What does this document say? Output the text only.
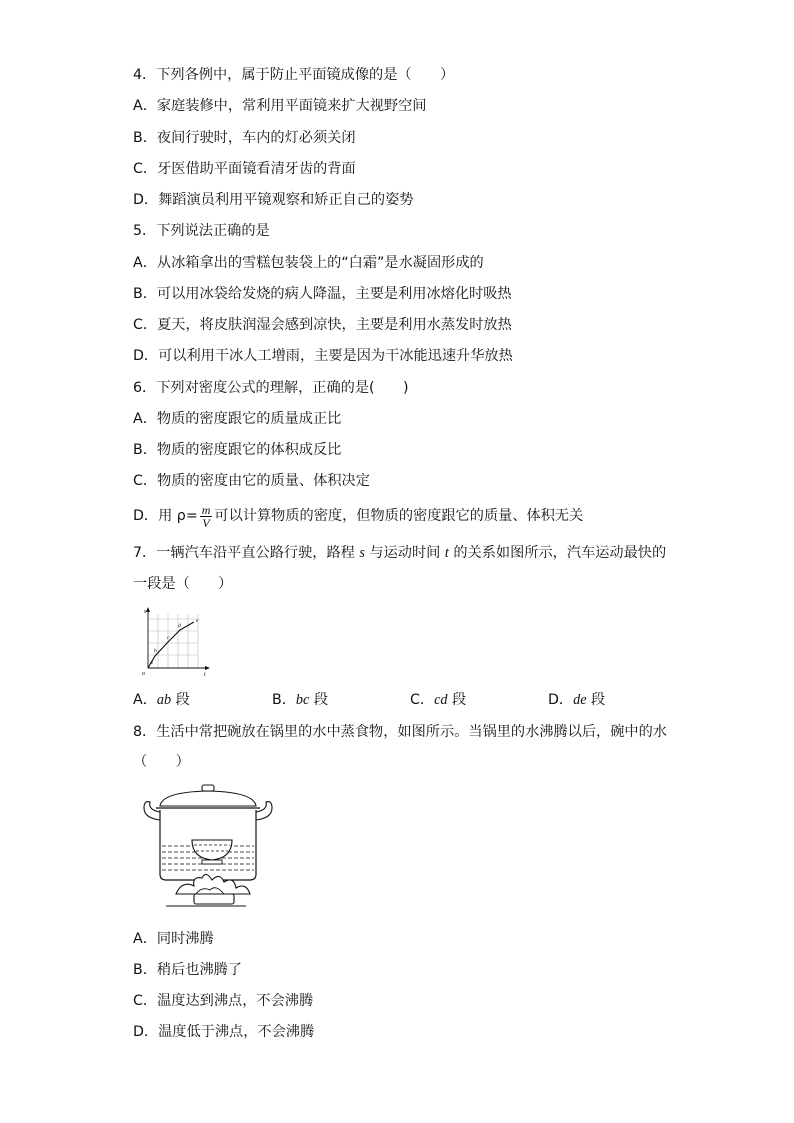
4．下列各例中，属于防止平面镜成像的是（　　）
A．家庭装修中，常利用平面镜来扩大视野空间
B．夜间行驶时，车内的灯必须关闭
C．牙医借助平面镜看清牙齿的背面
D．舞蹈演员利用平镜观察和矫正自己的姿势
5．下列说法正确的是
A．从冰箱拿出的雪糕包装袋上的“白霜”是水凝固形成的
B．可以用冰袋给发烧的病人降温，主要是利用冰熔化时吸热
C．夏天，将皮肤润湿会感到凉快，主要是利用水蒸发时放热
D．可以利用干冰人工增雨，主要是因为干冰能迅速升华放热
6．下列对密度公式的理解，正确的是(　　)
A．物质的密度跟它的质量成正比
B．物质的密度跟它的体积成反比
C．物质的密度由它的质量、体积决定
D．用 $\rho= \frac{m}{V}$ 可以计算物质的密度，但物质的密度跟它的质量、体积无关
7．一辆汽车沿平直公路行驶，路程 s 与运动时间 t 的关系如图所示，汽车运动最快的
一段是（　　）
s
t
o
a
b
c
d
e
A．ab 段	B．bc 段	C．cd 段	D．de 段
8．生活中常把碗放在锅里的水中蒸食物，如图所示。当锅里的水沸腾以后，碗中的水
（　　）
A．同时沸腾
B．稍后也沸腾了
C．温度达到沸点，不会沸腾
D．温度低于沸点，不会沸腾
